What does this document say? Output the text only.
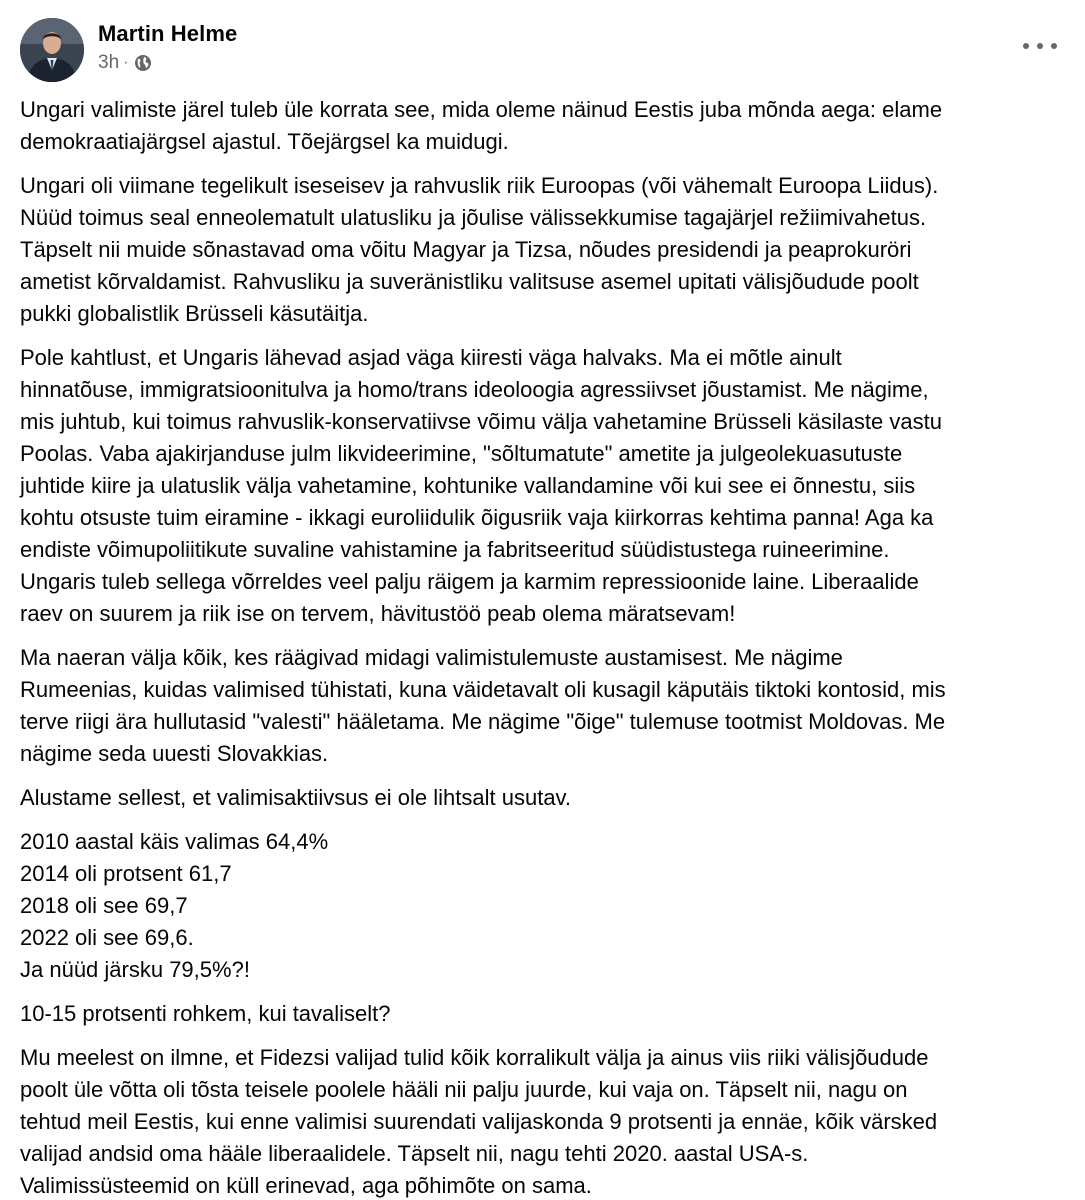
Martin Helme
3h ·

Ungari valimiste järel tuleb üle korrata see, mida oleme näinud Eestis juba mõnda aega: elame
demokraatiajärgsel ajastul. Tõejärgsel ka muidugi.

Ungari oli viimane tegelikult iseseisev ja rahvuslik riik Euroopas (või vähemalt Euroopa Liidus).
Nüüd toimus seal enneolematult ulatusliku ja jõulise välissekkumise tagajärjel režiimivahetus.
Täpselt nii muide sõnastavad oma võitu Magyar ja Tizsa, nõudes presidendi ja peaprokuröri
ametist kõrvaldamist. Rahvusliku ja suveränistliku valitsuse asemel upitati välisjõudude poolt
pukki globalistlik Brüsseli käsutäitja.

Pole kahtlust, et Ungaris lähevad asjad väga kiiresti väga halvaks. Ma ei mõtle ainult
hinnatõuse, immigratsioonitulva ja homo/trans ideoloogia agressiivset jõustamist. Me nägime,
mis juhtub, kui toimus rahvuslik-konservatiivse võimu välja vahetamine Brüsseli käsilaste vastu
Poolas. Vaba ajakirjanduse julm likvideerimine, "sõltumatute" ametite ja julgeolekuasutuste
juhtide kiire ja ulatuslik välja vahetamine, kohtunike vallandamine või kui see ei õnnestu, siis
kohtu otsuste tuim eiramine - ikkagi euroliidulik õigusriik vaja kiirkorras kehtima panna! Aga ka
endiste võimupoliitikute suvaline vahistamine ja fabritseeritud süüdistustega ruineerimine.
Ungaris tuleb sellega võrreldes veel palju räigem ja karmim repressioonide laine. Liberaalide
raev on suurem ja riik ise on tervem, hävitustöö peab olema märatsevam!

Ma naeran välja kõik, kes räägivad midagi valimistulemuste austamisest. Me nägime
Rumeenias, kuidas valimised tühistati, kuna väidetavalt oli kusagil käputäis tiktoki kontosid, mis
terve riigi ära hullutasid "valesti" hääletama. Me nägime "õige" tulemuse tootmist Moldovas. Me
nägime seda uuesti Slovakkias.

Alustame sellest, et valimisaktiivsus ei ole lihtsalt usutav.

2010 aastal käis valimas 64,4%
2014 oli protsent 61,7
2018 oli see 69,7
2022 oli see 69,6.
Ja nüüd järsku 79,5%?!

10-15 protsenti rohkem, kui tavaliselt?

Mu meelest on ilmne, et Fidezsi valijad tulid kõik korralikult välja ja ainus viis riiki välisjõudude
poolt üle võtta oli tõsta teisele poolele hääli nii palju juurde, kui vaja on. Täpselt nii, nagu on
tehtud meil Eestis, kui enne valimisi suurendati valijaskonda 9 protsenti ja ennäe, kõik värsked
valijad andsid oma hääle liberaalidele. Täpselt nii, nagu tehti 2020. aastal USA-s.
Valimissüsteemid on küll erinevad, aga põhimõte on sama.
